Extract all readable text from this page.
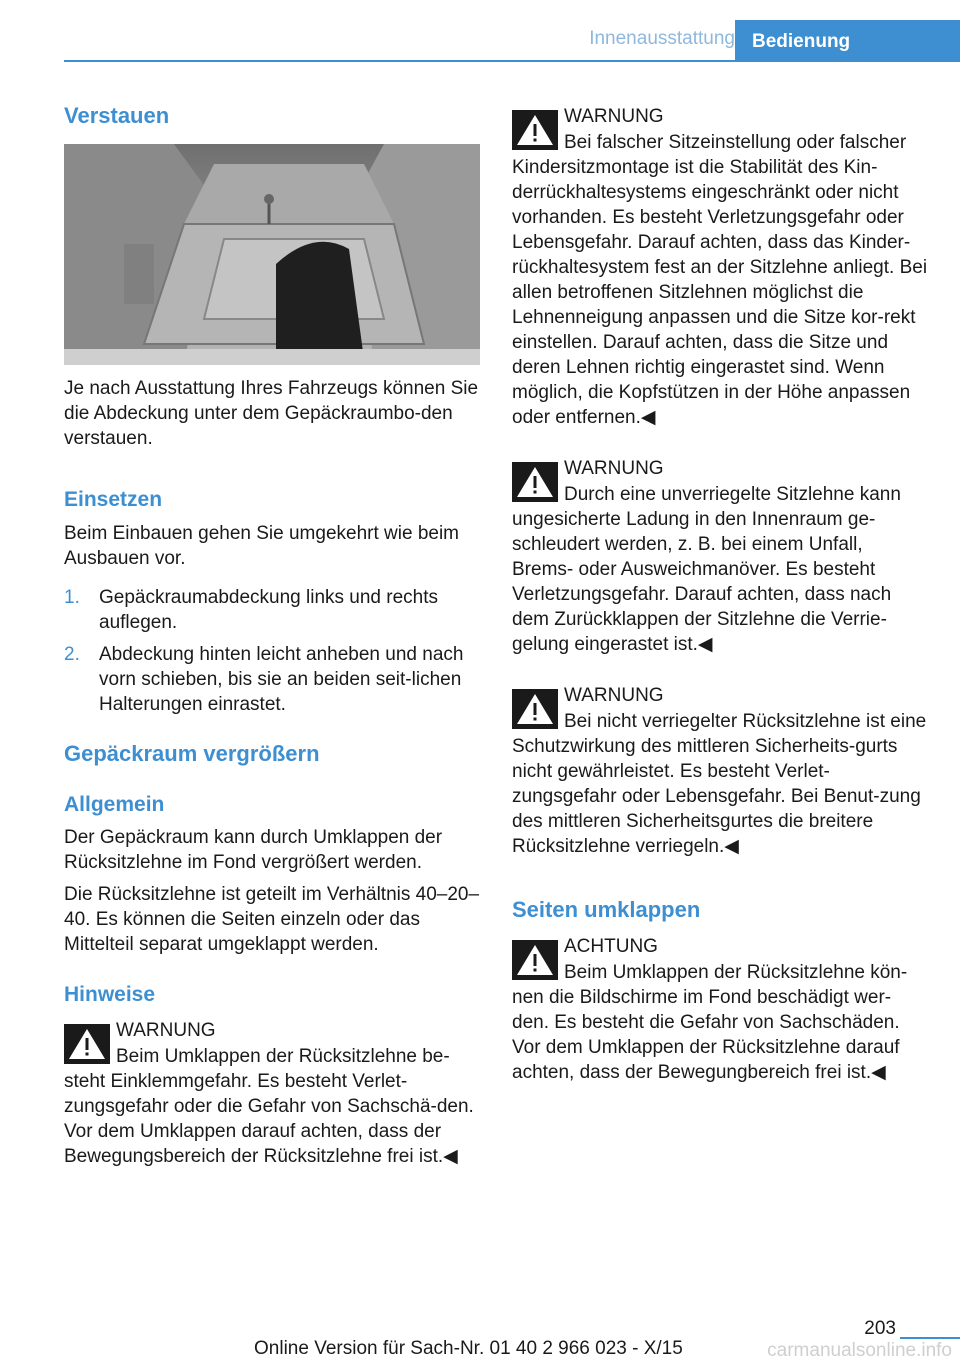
Innenausstattung Bedienung
Verstauen

Je nach Ausstattung Ihres Fahrzeugs können Sie die Abdeckung unter dem Gepäckraumbo-den verstauen.

Einsetzen

Beim Einbauen gehen Sie umgekehrt wie beim Ausbauen vor.

1. Gepäckraumabdeckung links und rechts auflegen.
2. Abdeckung hinten leicht anheben und nach vorn schieben, bis sie an beiden seit-lichen Halterungen einrastet.
Gepäckraum vergrößern
Allgemein

Der Gepäckraum kann durch Umklappen der Rücksitzlehne im Fond vergrößert werden.

Die Rücksitzlehne ist geteilt im Verhältnis 40–20–40. Es können die Seiten einzeln oder das Mittelteil separat umgeklappt werden.

Hinweise
WARNUNG
Beim Umklappen der Rücksitzlehne be-steht Einklemmgefahr. Es besteht Verlet-zungsgefahr oder die Gefahr von Sachschä-den. Vor dem Umklappen darauf achten, dass der Bewegungsbereich der Rücksitzlehne frei ist.◀
WARNUNG
Bei falscher Sitzeinstellung oder falscher Kindersitzmontage ist die Stabilität des Kin-derrückhaltesystems eingeschränkt oder nicht vorhanden. Es besteht Verletzungsgefahr oder Lebensgefahr. Darauf achten, dass das Kinder-rückhaltesystem fest an der Sitzlehne anliegt. Bei allen betroffenen Sitzlehnen möglichst die Lehnenneigung anpassen und die Sitze kor-rekt einstellen. Darauf achten, dass die Sitze und deren Lehnen richtig eingerastet sind. Wenn möglich, die Kopfstützen in der Höhe anpassen oder entfernen.◀
WARNUNG
Durch eine unverriegelte Sitzlehne kann ungesicherte Ladung in den Innenraum ge-schleudert werden, z. B. bei einem Unfall, Brems- oder Ausweichmanöver. Es besteht Verletzungsgefahr. Darauf achten, dass nach dem Zurückklappen der Sitzlehne die Verrie-gelung eingerastet ist.◀
WARNUNG
Bei nicht verriegelter Rücksitzlehne ist eine Schutzwirkung des mittleren Sicherheits-gurts nicht gewährleistet. Es besteht Verlet-zungsgefahr oder Lebensgefahr. Bei Benut-zung des mittleren Sicherheitsgurtes die breitere Rücksitzlehne verriegeln.◀
Seiten umklappen
ACHTUNG
Beim Umklappen der Rücksitzlehne kön-nen die Bildschirme im Fond beschädigt wer-den. Es besteht die Gefahr von Sachschäden. Vor dem Umklappen der Rücksitzlehne darauf achten, dass der Bewegungbereich frei ist.◀
203
Online Version für Sach-Nr. 01 40 2 966 023 - X/15	carmanualsonline.info
